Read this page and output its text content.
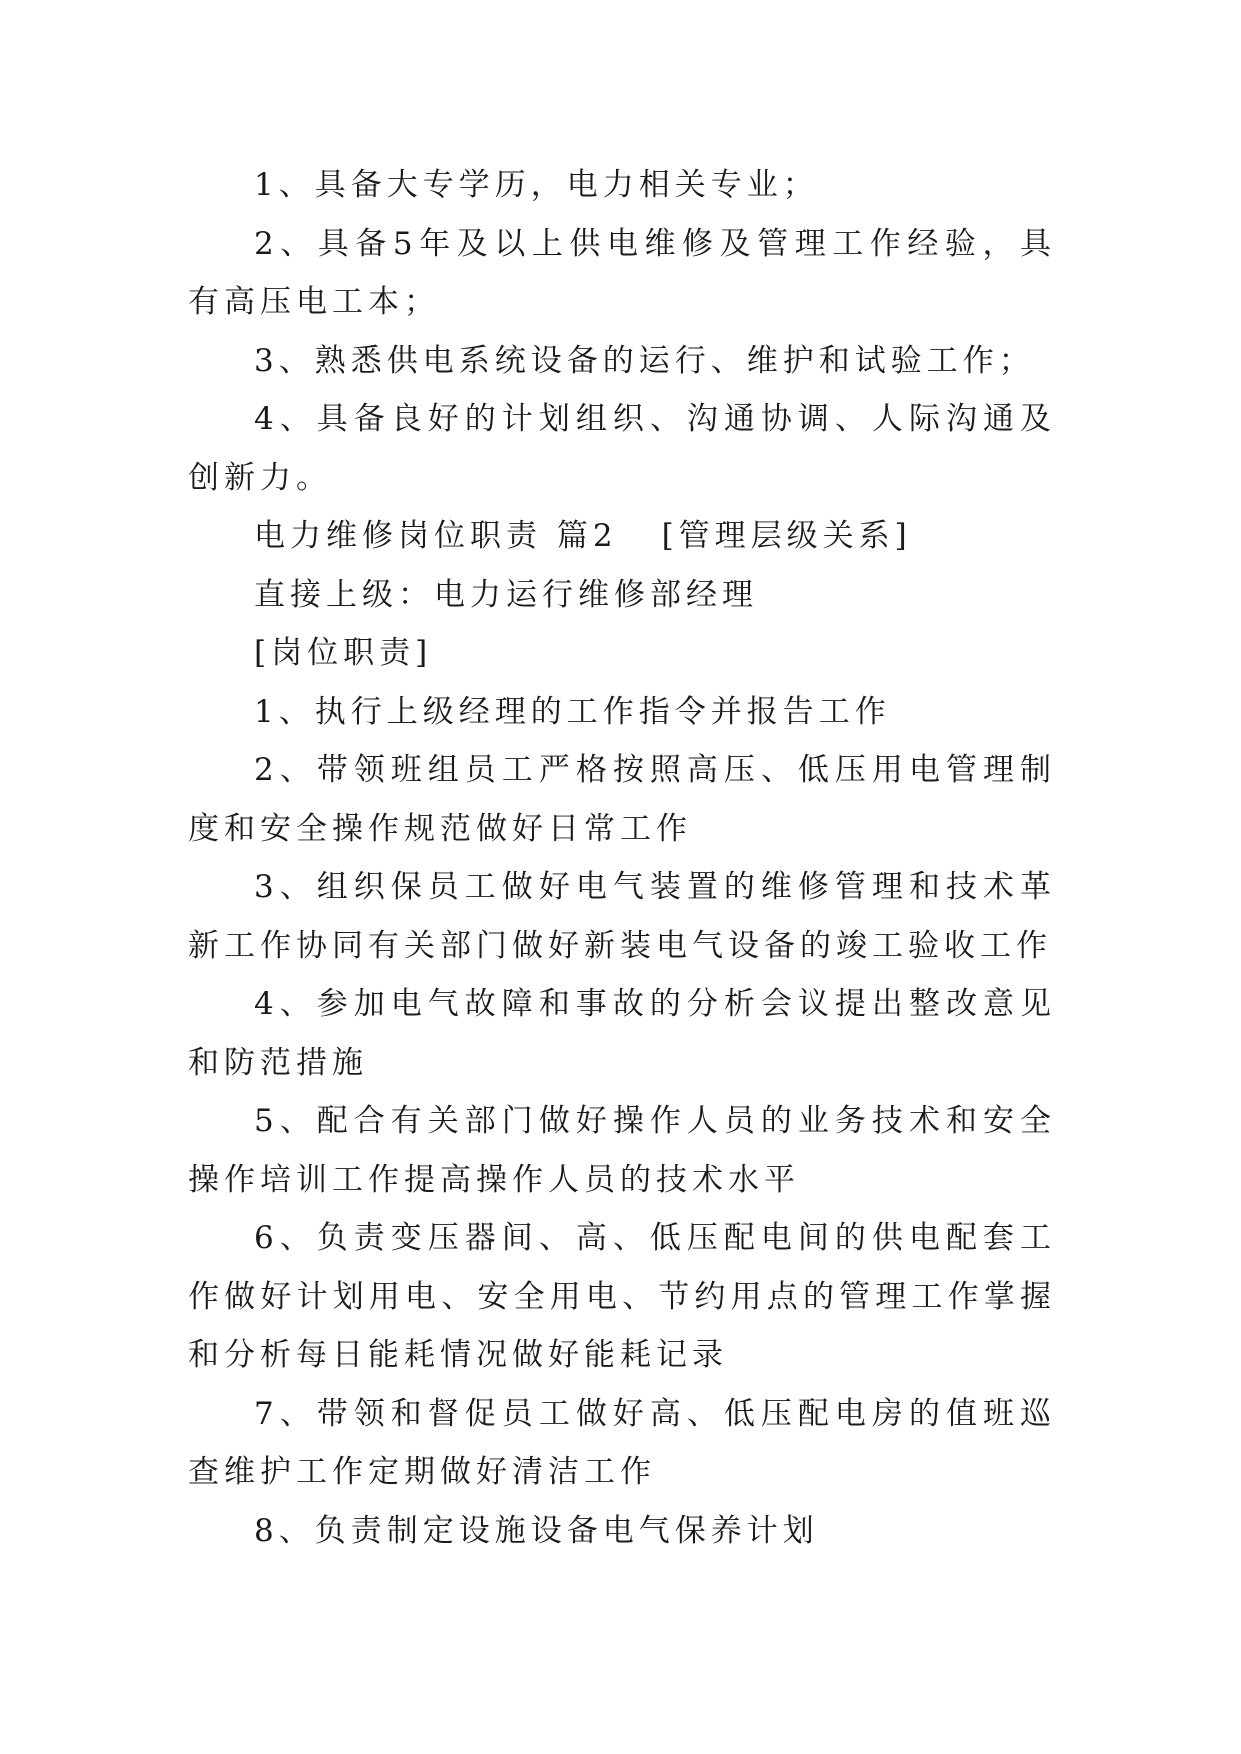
1、具备大专学历，电力相关专业；

2、具备5年及以上供电维修及管理工作经验，具有高压电工本；

3、熟悉供电系统设备的运行、维护和试验工作；

4、具备良好的计划组织、沟通协调、人际沟通及创新力。

电力维修岗位职责 篇2 [管理层级关系]

直接上级：电力运行维修部经理

[岗位职责]

1、执行上级经理的工作指令并报告工作

2、带领班组员工严格按照高压、低压用电管理制度和安全操作规范做好日常工作

3、组织保员工做好电气装置的维修管理和技术革新工作协同有关部门做好新装电气设备的竣工验收工作

4、参加电气故障和事故的分析会议提出整改意见和防范措施

5、配合有关部门做好操作人员的业务技术和安全操作培训工作提高操作人员的技术水平

6、负责变压器间、高、低压配电间的供电配套工作做好计划用电、安全用电、节约用点的管理工作掌握和分析每日能耗情况做好能耗记录

7、带领和督促员工做好高、低压配电房的值班巡查维护工作定期做好清洁工作

8、负责制定设施设备电气保养计划
